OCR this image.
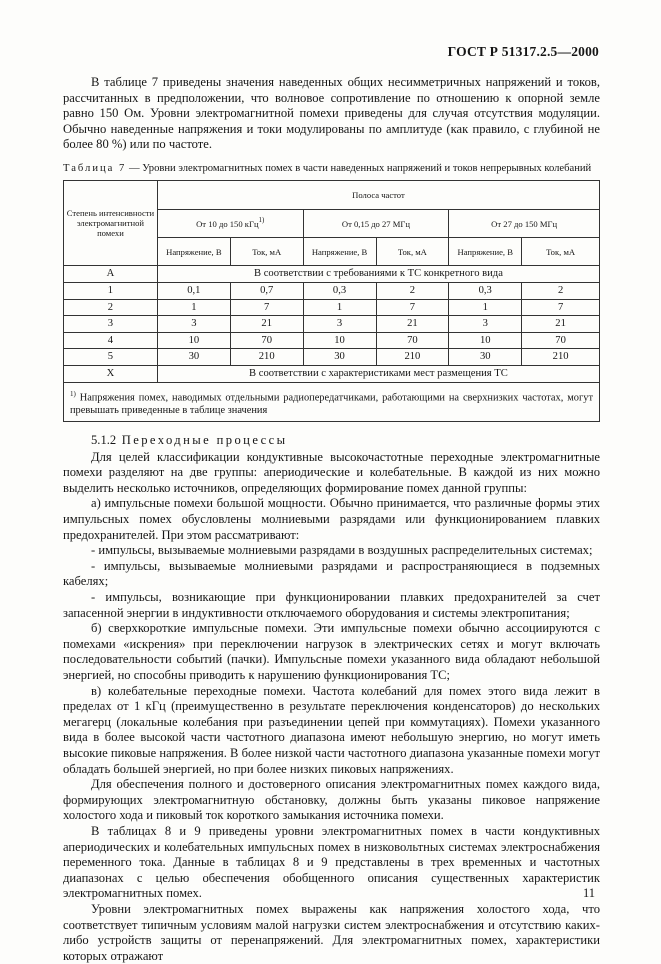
ГОСТ Р 51317.2.5—2000

В таблице 7 приведены значения наведенных общих несимметричных напряжений и токов, рассчитанных в предположении, что волновое сопротивление по отношению к опорной земле равно 150 Ом. Уровни электромагнитной помехи приведены для случая отсутствия модуляции. Обычно наведенные напряжения и токи модулированы по амплитуде (как правило, с глубиной не более 80 %) или по частоте.

Таблица 7 — Уровни электромагнитных помех в части наведенных напряжений и токов непрерывных колебаний
Степень интенсивности электромагнитной помехи	Полоса частот					
	От 10 до 150 кГц$^{1)}$		От 0,15 до 27 МГц		От 27 до 150 МГц	
	Напряжение, В	Ток, мА	Напряжение, В	Ток, мА	Напряжение, В	Ток, мА
А	В соответствии с требованиями к ТС конкретного вида					
1	0,1	0,7	0,3	2	0,3	2
2	1	7	1	7	1	7
3	3	21	3	21	3	21
4	10	70	10	70	10	70
5	30	210	30	210	30	210
Х	В соответствии с характеристиками мест размещения ТС					
$^{1)}$ Напряжения помех, наводимых отдельными радиопередатчиками, работающими на сверхнизких частотах, могут превышать приведенные в таблице значения						

5.1.2 Переходные процессы

Для целей классификации кондуктивные высокочастотные переходные электромагнитные помехи разделяют на две группы: апериодические и колебательные. В каждой из них можно выделить несколько источников, определяющих формирование помех данной группы:

а) импульсные помехи большой мощности. Обычно принимается, что различные формы этих импульсных помех обусловлены молниевыми разрядами или функционированием плавких предохранителей. При этом рассматривают:

- импульсы, вызываемые молниевыми разрядами в воздушных распределительных системах;

- импульсы, вызываемые молниевыми разрядами и распространяющиеся в подземных кабелях;

- импульсы, возникающие при функционировании плавких предохранителей за счет запасенной энергии в индуктивности отключаемого оборудования и системы электропитания;

б) сверхкороткие импульсные помехи. Эти импульсные помехи обычно ассоциируются с помехами «искрения» при переключении нагрузок в электрических сетях и могут включать последовательности событий (пачки). Импульсные помехи указанного вида обладают небольшой энергией, но способны приводить к нарушению функционирования ТС;

в) колебательные переходные помехи. Частота колебаний для помех этого вида лежит в пределах от 1 кГц (преимущественно в результате переключения конденсаторов) до нескольких мегагерц (локальные колебания при разъединении цепей при коммутациях). Помехи указанного вида в более высокой части частотного диапазона имеют небольшую энергию, но могут иметь высокие пиковые напряжения. В более низкой части частотного диапазона указанные помехи могут обладать большей энергией, но при более низких пиковых напряжениях.

Для обеспечения полного и достоверного описания электромагнитных помех каждого вида, формирующих электромагнитную обстановку, должны быть указаны пиковое напряжение холостого хода и пиковый ток короткого замыкания источника помехи.

В таблицах 8 и 9 приведены уровни электромагнитных помех в части кондуктивных апериодических и колебательных импульсных помех в низковольтных системах электроснабжения переменного тока. Данные в таблицах 8 и 9 представлены в трех временных и частотных диапазонах с целью обеспечения обобщенного описания существенных характеристик электромагнитных помех.

Уровни электромагнитных помех выражены как напряжения холостого хода, что соответствует типичным условиям малой нагрузки систем электроснабжения и отсутствию каких-либо устройств защиты от перенапряжений. Для электромагнитных помех, характеристики которых отражают

11
